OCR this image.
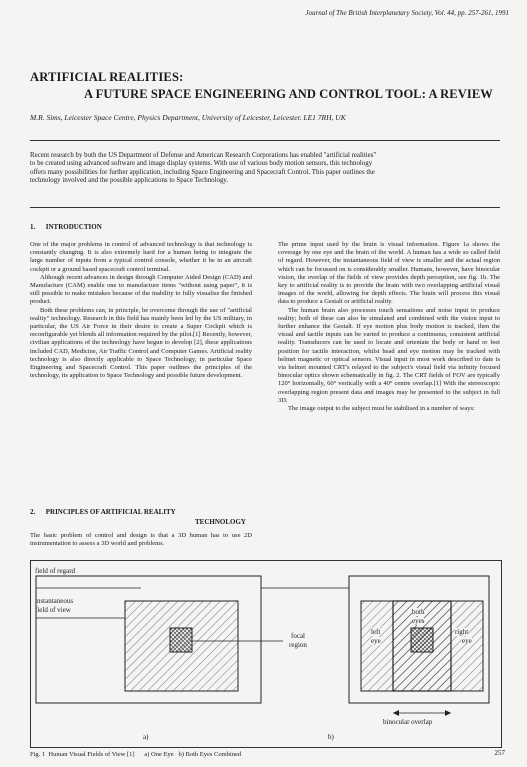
Journal of The British Interplanetary Society, Vol. 44, pp. 257-261, 1991
ARTIFICIAL REALITIES:
A FUTURE SPACE ENGINEERING AND CONTROL TOOL: A REVIEW
M.R. Sims, Leicester Space Centre, Physics Department, University of Leicester, Leicester. LE1 7RH, UK
Recent research by both the US Department of Defense and American Research Corporations has enabled "artificial realities"
to be created using advanced software and image display systems. With use of various body motion sensors, this technology
offers many possibilities for further application, including Space Engineering and Spacecraft Control. This paper outlines the
technology involved and the possible applications to Space Technology.
1.      INTRODUCTION

One of the major problems in control of advanced technology is that technology is constantly changing. It is also extremely hard for a human being to integrate the large number of inputs from a typical control console, whether it be in an aircraft cockpit or a ground based spacecraft control terminal.

Although recent advances in design through Computer Aided Design (CAD) and Manufacture (CAM) enable one to manufacture items "without using paper", it is still possible to make mistakes because of the inability to fully visualise the finished product.

Both these problems can, in principle, be overcome through the use of "artificial reality" technology. Research in this field has mainly been led by the US military, in particular, the US Air Force in their desire to create a Super Cockpit which is reconfigurable yet blends all information required by the pilot.[1] Recently, however, civilian applications of the technology have begun to develop [2], these applications included CAD, Medicine, Air Traffic Control and Computer Games. Artificial reality technology is also directly applicable to Space Technology, in particular Space Engineering and Spacecraft Control. This paper outlines the principles of the technology, its application to Space Technology and possible future development.

2.      PRINCIPLES OF ARTIFICIAL REALITY
TECHNOLOGY
The basic problem of control and design is that a 3D human has to use 2D instrumentation to assess a 3D world and problems.

The prime input used by the brain is visual information. Figure 1a shows the coverage by one eye and the brain of the world. A human has a wide so called field of regard. However, the instantaneous field of view is smaller and the actual region which can be focussed on is considerably smaller. Humans, however, have binocular vision, the overlap of the fields of view provides depth perception, see fig. 1b. The key to artificial reality is to provide the brain with two overlapping artificial visual images of the world, allowing for depth effects. The brain will process this visual data to produce a Gestalt or artificial reality.

The human brain also processes touch sensations and noise input to produce reality; both of these can also be simulated and combined with the vision input to further enhance the Gestalt. If eye motion plus body motion is tracked, then the visual and tactile inputs can be varied to produce a continuous, consistent artificial reality. Transducers can be used to locate and orientate the body or hand or feet position for tactile interaction, whilst head and eye motion may be tracked with helmet magnetic or optical sensors. Visual input in most work described to date is via helmet mounted CRT's relayed to the subject's visual field via infinity focused binocular optics shown schematically in fig. 2. The CRT fields of FOV are typically 120° horizontally, 60° vertically with a 40° centre overlap.[1] With the stereoscopic overlapping region present data and images may be presented to the subject in full 3D.

The image output to the subject must be stabilised in a number of ways:

field of regard
instantaneous
field of view
focal
region
a)	b)
left
eye
both
eyes
right
eye
binocular overlap
Fig. 1  Human Visual Fields of View [1]      a) One Eye   b) Both Eyes Combined	257
